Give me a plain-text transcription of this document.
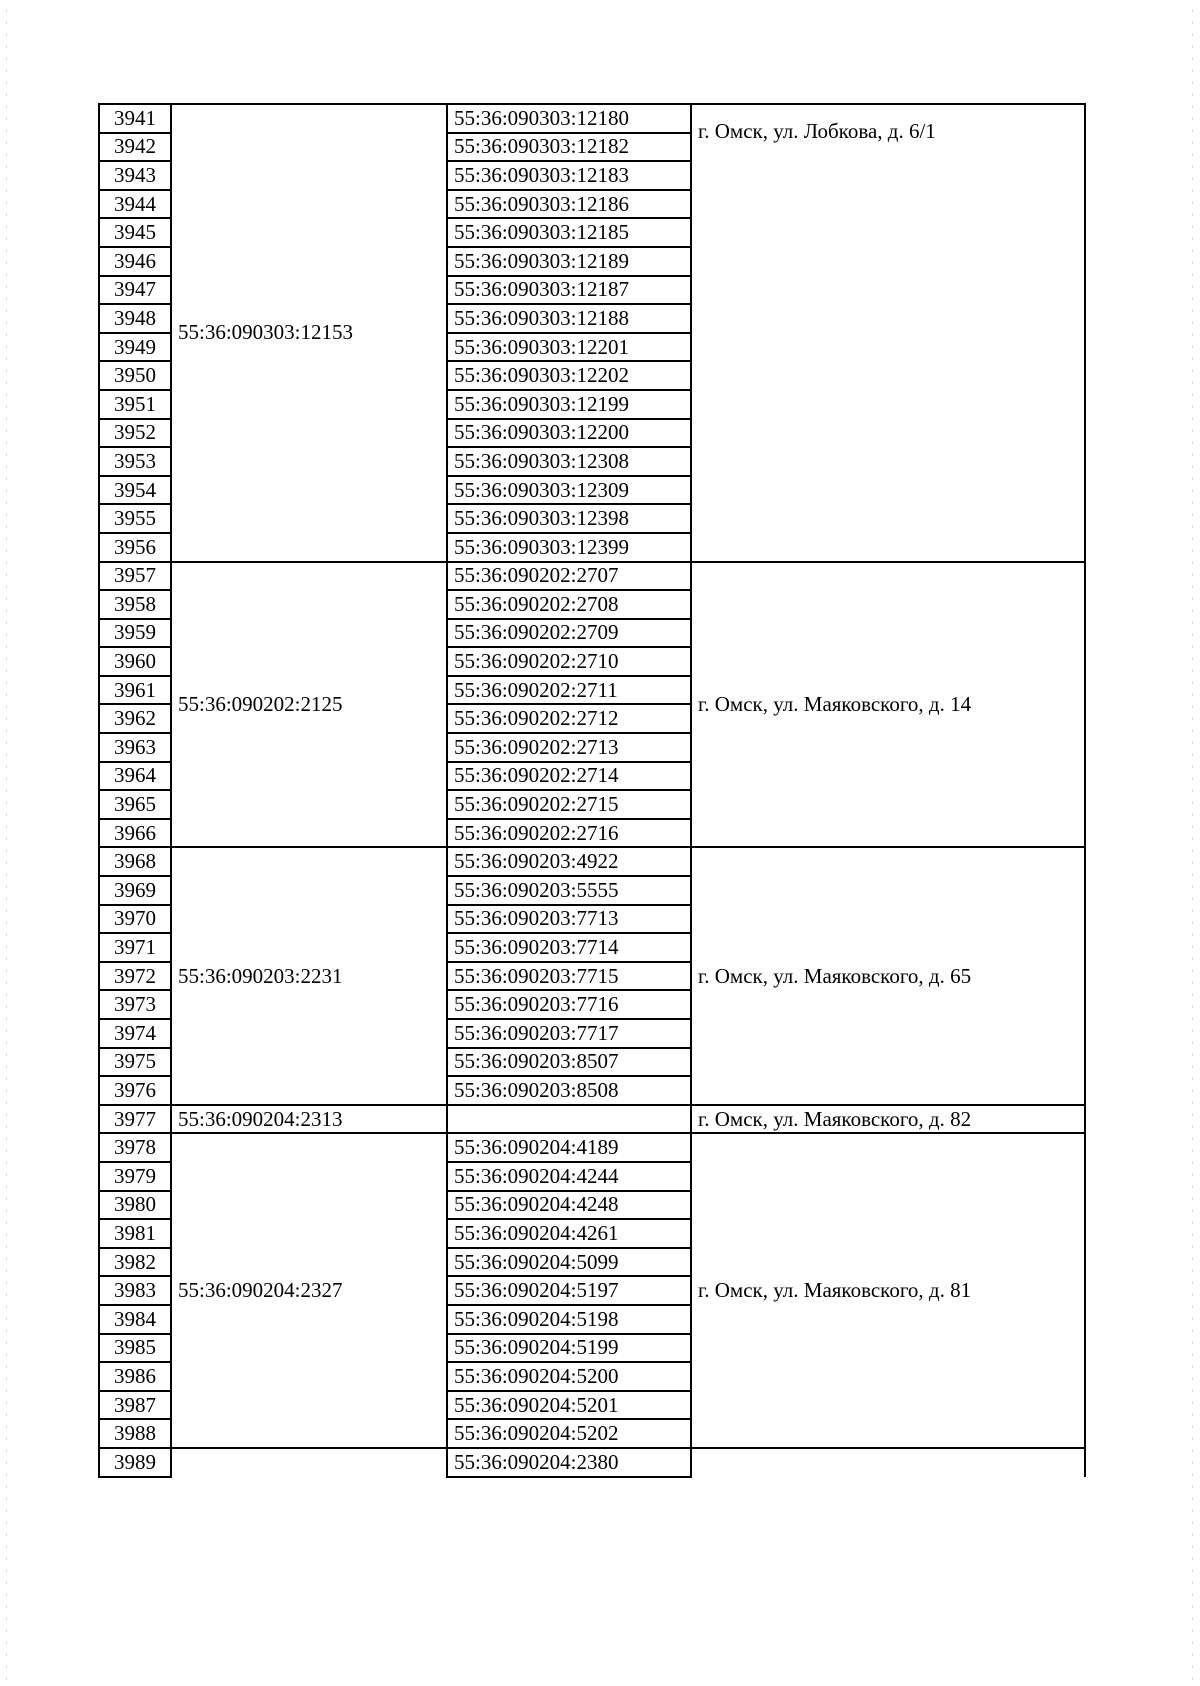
3941	55:36:090303:12153	55:36:090303:12180	г. Омск, ул. Лобкова, д. 6/1
3942		55:36:090303:12182	
3943		55:36:090303:12183	
3944		55:36:090303:12186	
3945		55:36:090303:12185	
3946		55:36:090303:12189	
3947		55:36:090303:12187	
3948		55:36:090303:12188	
3949		55:36:090303:12201	
3950		55:36:090303:12202	
3951		55:36:090303:12199	
3952		55:36:090303:12200	
3953		55:36:090303:12308	
3954		55:36:090303:12309	
3955		55:36:090303:12398	
3956		55:36:090303:12399	
3957	55:36:090202:2125	55:36:090202:2707	г. Омск, ул. Маяковского, д. 14
3958		55:36:090202:2708	
3959		55:36:090202:2709	
3960		55:36:090202:2710	
3961		55:36:090202:2711	
3962		55:36:090202:2712	
3963		55:36:090202:2713	
3964		55:36:090202:2714	
3965		55:36:090202:2715	
3966		55:36:090202:2716	
3968	55:36:090203:2231	55:36:090203:4922	г. Омск, ул. Маяковского, д. 65
3969		55:36:090203:5555	
3970		55:36:090203:7713	
3971		55:36:090203:7714	
3972		55:36:090203:7715	
3973		55:36:090203:7716	
3974		55:36:090203:7717	
3975		55:36:090203:8507	
3976		55:36:090203:8508	
3977	55:36:090204:2313		г. Омск, ул. Маяковского, д. 82
3978	55:36:090204:2327	55:36:090204:4189	г. Омск, ул. Маяковского, д. 81
3979		55:36:090204:4244	
3980		55:36:090204:4248	
3981		55:36:090204:4261	
3982		55:36:090204:5099	
3983		55:36:090204:5197	
3984		55:36:090204:5198	
3985		55:36:090204:5199	
3986		55:36:090204:5200	
3987		55:36:090204:5201	
3988		55:36:090204:5202	
3989		55:36:090204:2380	
